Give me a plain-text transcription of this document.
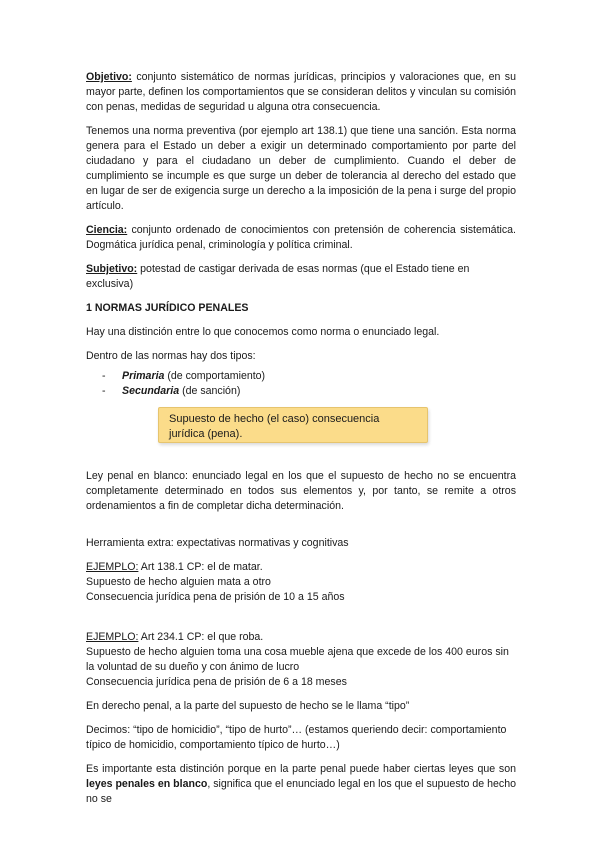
Objetivo: conjunto sistemático de normas jurídicas, principios y valoraciones que, en su mayor parte, definen los comportamientos que se consideran delitos y vinculan su comisión con penas, medidas de seguridad u alguna otra consecuencia.

Tenemos una norma preventiva (por ejemplo art 138.1) que tiene una sanción. Esta norma genera para el Estado un deber a exigir un determinado comportamiento por parte del ciudadano y para el ciudadano un deber de cumplimiento. Cuando el deber de cumplimiento se incumple es que surge un deber de tolerancia al derecho del estado que en lugar de ser de exigencia surge un derecho a la imposición de la pena i surge del propio artículo.

Ciencia: conjunto ordenado de conocimientos con pretensión de coherencia sistemática. Dogmática jurídica penal, criminología y política criminal.

Subjetivo: potestad de castigar derivada de esas normas (que el Estado tiene en exclusiva)

1 NORMAS JURÍDICO PENALES

Hay una distinción entre lo que conocemos como norma o enunciado legal.

Dentro de las normas hay dos tipos:

- Primaria (de comportamiento)
- Secundaria (de sanción)
Supuesto de hecho (el caso) consecuencia jurídica (pena).

Ley penal en blanco: enunciado legal en los que el supuesto de hecho no se encuentra completamente determinado en todos sus elementos y, por tanto, se remite a otros ordenamientos a fin de completar dicha determinación.

Herramienta extra: expectativas normativas y cognitivas

EJEMPLO: Art 138.1 CP: el de matar.

Supuesto de hecho alguien mata a otro

Consecuencia jurídica pena de prisión de 10 a 15 años

EJEMPLO: Art 234.1 CP: el que roba.

Supuesto de hecho alguien toma una cosa mueble ajena que excede de los 400 euros sin la voluntad de su dueño y con ánimo de lucro

Consecuencia jurídica pena de prisión de 6 a 18 meses

En derecho penal, a la parte del supuesto de hecho se le llama “tipo”

Decimos: “tipo de homicidio”, “tipo de hurto”… (estamos queriendo decir: comportamiento típico de homicidio, comportamiento típico de hurto…)

Es importante esta distinción porque en la parte penal puede haber ciertas leyes que son leyes penales en blanco, significa que el enunciado legal en los que el supuesto de hecho no se
